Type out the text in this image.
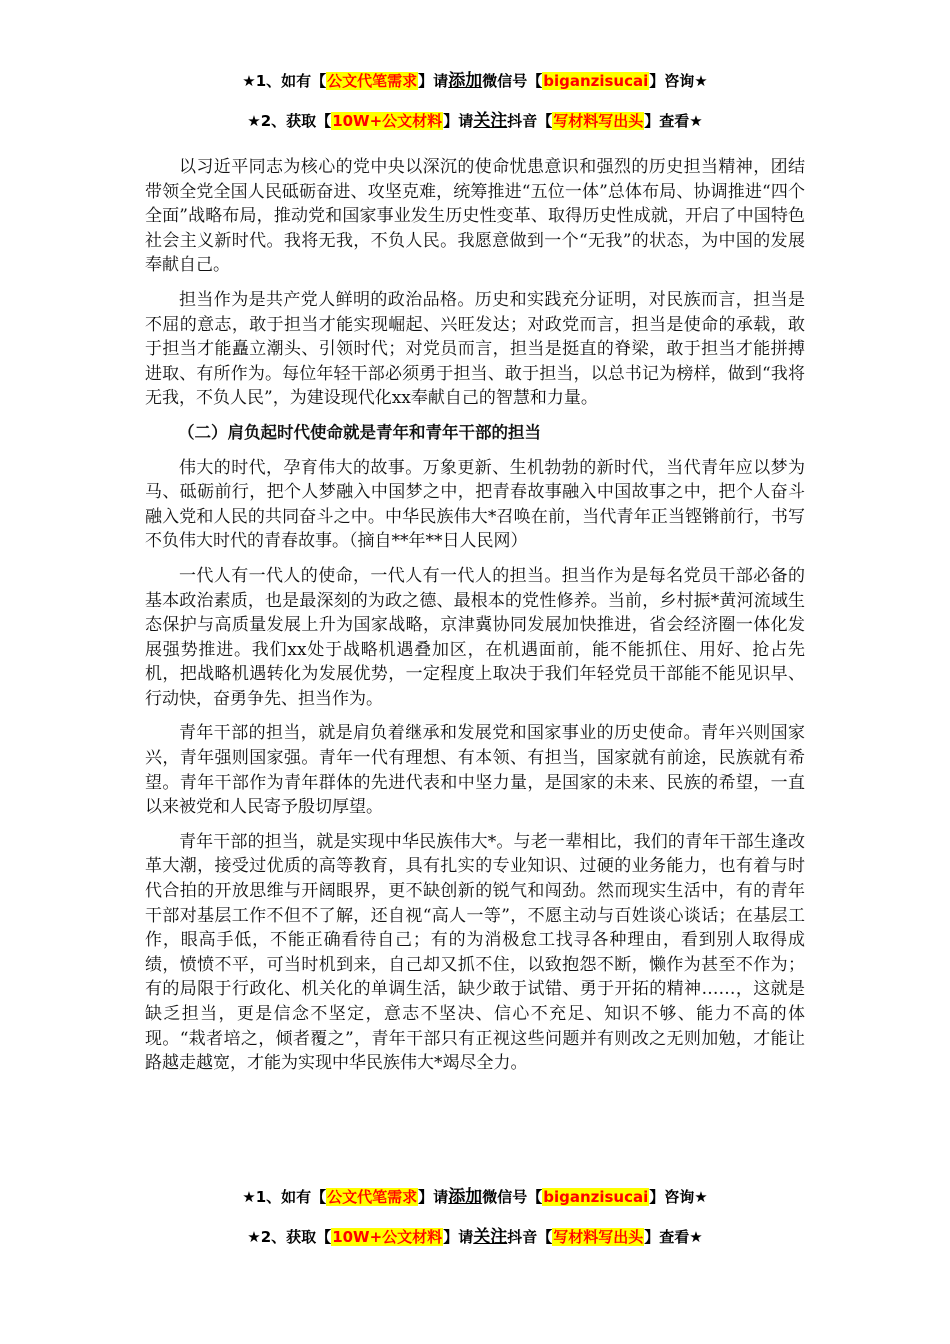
★1、如有【公文代笔需求】请添加微信号【biganzisucai】咨询★
★2、获取【10W+公文材料】请关注抖音【写材料写出头】查看★

以习近平同志为核心的党中央以深沉的使命忧患意识和强烈的历史担当精神，团结带领全党全国人民砥砺奋进、攻坚克难，统筹推进“五位一体”总体布局、协调推进“四个全面”战略布局，推动党和国家事业发生历史性变革、取得历史性成就，开启了中国特色社会主义新时代。我将无我，不负人民。我愿意做到一个“无我”的状态，为中国的发展奉献自己。

担当作为是共产党人鲜明的政治品格。历史和实践充分证明，对民族而言，担当是不屈的意志，敢于担当才能实现崛起、兴旺发达；对政党而言，担当是使命的承载，敢于担当才能矗立潮头、引领时代；对党员而言，担当是挺直的脊梁，敢于担当才能拼搏进取、有所作为。每位年轻干部必须勇于担当、敢于担当，以总书记为榜样，做到“我将无我，不负人民”，为建设现代化xx奉献自己的智慧和力量。

（二）肩负起时代使命就是青年和青年干部的担当

伟大的时代，孕育伟大的故事。万象更新、生机勃勃的新时代，当代青年应以梦为马、砥砺前行，把个人梦融入中国梦之中，把青春故事融入中国故事之中，把个人奋斗融入党和人民的共同奋斗之中。中华民族伟大*召唤在前，当代青年正当铿锵前行，书写不负伟大时代的青春故事。（摘自**年**日人民网）

一代人有一代人的使命，一代人有一代人的担当。担当作为是每名党员干部必备的基本政治素质，也是最深刻的为政之德、最根本的党性修养。当前，乡村振*黄河流域生态保护与高质量发展上升为国家战略，京津冀协同发展加快推进，省会经济圈一体化发展强势推进。我们xx处于战略机遇叠加区，在机遇面前，能不能抓住、用好、抢占先机，把战略机遇转化为发展优势，一定程度上取决于我们年轻党员干部能不能见识早、行动快，奋勇争先、担当作为。

青年干部的担当，就是肩负着继承和发展党和国家事业的历史使命。青年兴则国家兴，青年强则国家强。青年一代有理想、有本领、有担当，国家就有前途，民族就有希望。青年干部作为青年群体的先进代表和中坚力量，是国家的未来、民族的希望，一直以来被党和人民寄予殷切厚望。

青年干部的担当，就是实现中华民族伟大*。与老一辈相比，我们的青年干部生逢改革大潮，接受过优质的高等教育，具有扎实的专业知识、过硬的业务能力，也有着与时代合拍的开放思维与开阔眼界，更不缺创新的锐气和闯劲。然而现实生活中，有的青年干部对基层工作不但不了解，还自视“高人一等”，不愿主动与百姓谈心谈话；在基层工作，眼高手低，不能正确看待自己；有的为消极怠工找寻各种理由，看到别人取得成绩，愤愤不平，可当时机到来，自己却又抓不住，以致抱怨不断，懒作为甚至不作为；有的局限于行政化、机关化的单调生活，缺少敢于试错、勇于开拓的精神……，这就是缺乏担当，更是信念不坚定，意志不坚决、信心不充足、知识不够、能力不高的体现。“栽者培之，倾者覆之”，青年干部只有正视这些问题并有则改之无则加勉，才能让路越走越宽，才能为实现中华民族伟大*竭尽全力。

★1、如有【公文代笔需求】请添加微信号【biganzisucai】咨询★
★2、获取【10W+公文材料】请关注抖音【写材料写出头】查看★
